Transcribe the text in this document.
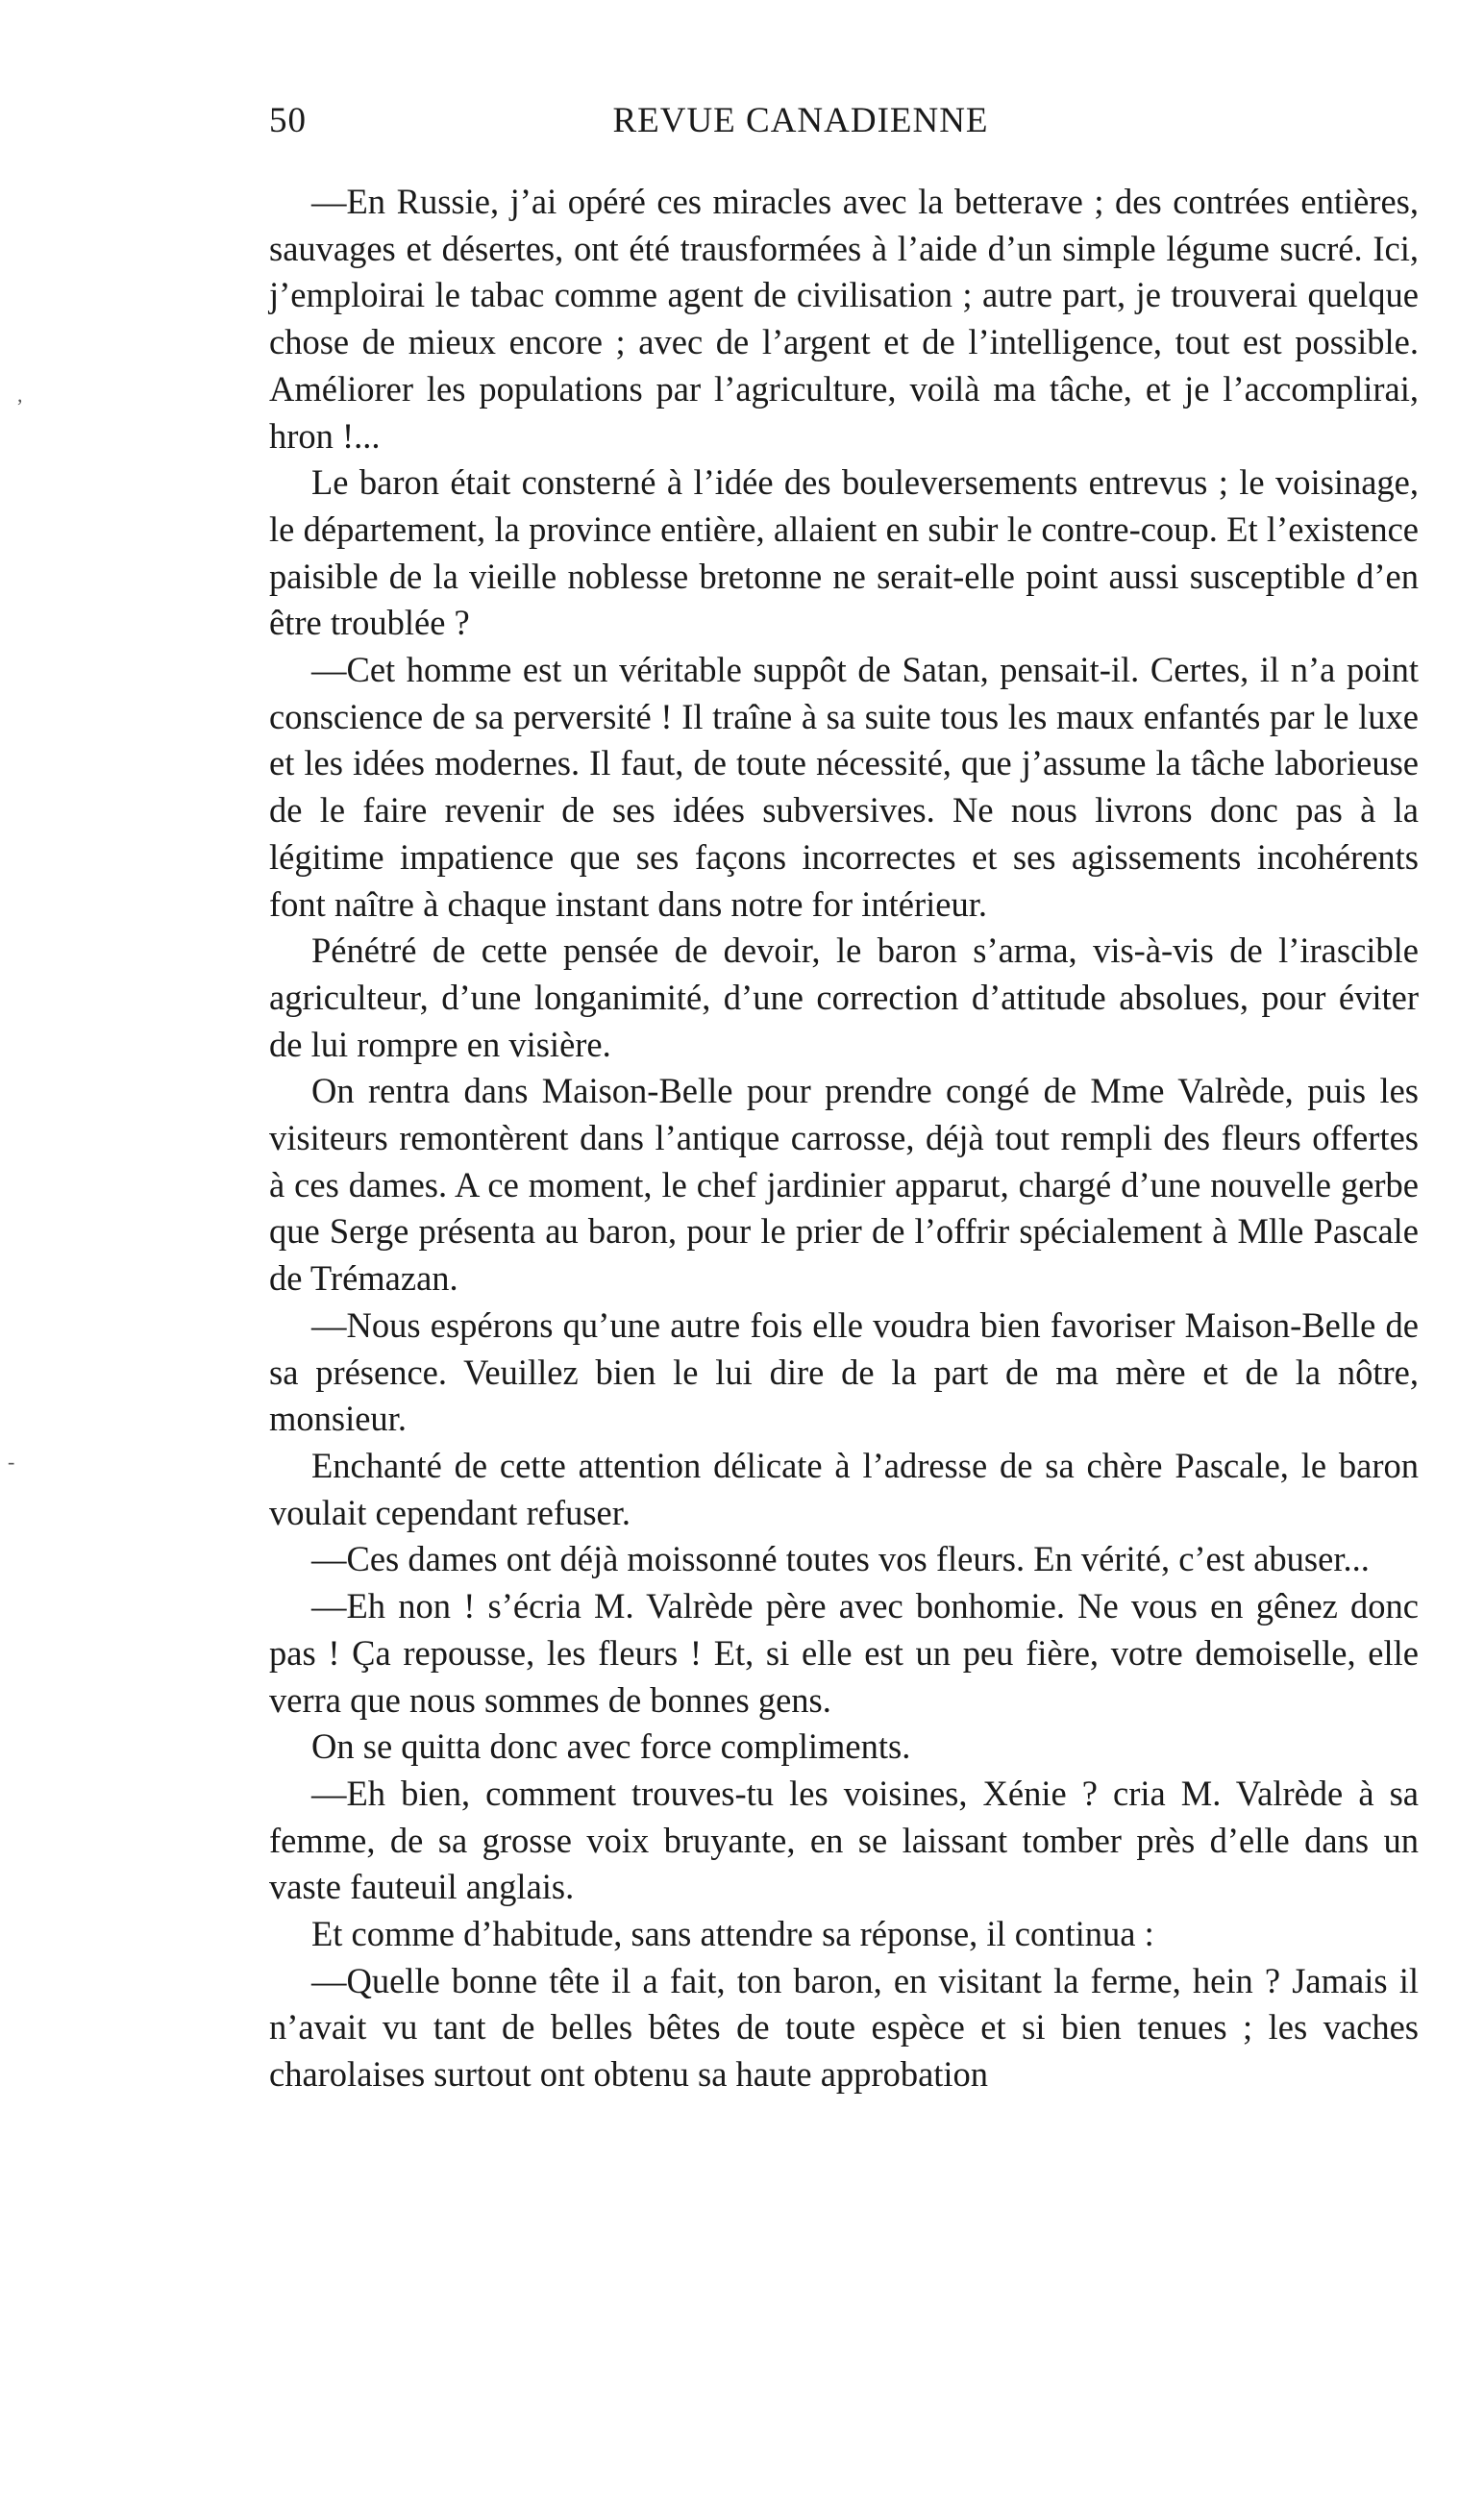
50	REVUE CANADIENNE

—En Russie, j’ai opéré ces miracles avec la betterave ; des contrées entières, sauvages et désertes, ont été trausformées à l’aide d’un simple légume sucré. Ici, j’emploirai le tabac comme agent de civilisation ; autre part, je trouverai quelque chose de mieux encore ; avec de l’argent et de l’intelligence, tout est possible. Améliorer les populations par l’agriculture, voilà ma tâche, et je l’accomplirai, hron !...

Le baron était consterné à l’idée des bouleversements entrevus ; le voisinage, le département, la province entière, allaient en subir le contre-coup. Et l’existence paisible de la vieille noblesse bretonne ne serait-elle point aussi susceptible d’en être troublée ?

—Cet homme est un véritable suppôt de Satan, pensait-il. Certes, il n’a point conscience de sa perversité ! Il traîne à sa suite tous les maux enfantés par le luxe et les idées modernes. Il faut, de toute nécessité, que j’assume la tâche laborieuse de le faire revenir de ses idées subversives. Ne nous livrons donc pas à la légitime impatience que ses façons incorrectes et ses agissements incohérents font naître à chaque instant dans notre for intérieur.

Pénétré de cette pensée de devoir, le baron s’arma, vis-à-vis de l’irascible agriculteur, d’une longanimité, d’une correction d’attitude absolues, pour éviter de lui rompre en visière.

On rentra dans Maison-Belle pour prendre congé de Mme Valrède, puis les visiteurs remontèrent dans l’antique carrosse, déjà tout rempli des fleurs offertes à ces dames. A ce moment, le chef jardinier apparut, chargé d’une nouvelle gerbe que Serge présenta au baron, pour le prier de l’offrir spécialement à Mlle Pascale de Trémazan.

—Nous espérons qu’une autre fois elle voudra bien favoriser Maison-Belle de sa présence. Veuillez bien le lui dire de la part de ma mère et de la nôtre, monsieur.

Enchanté de cette attention délicate à l’adresse de sa chère Pascale, le baron voulait cependant refuser.

—Ces dames ont déjà moissonné toutes vos fleurs. En vérité, c’est abuser...

—Eh non ! s’écria M. Valrède père avec bonhomie. Ne vous en gênez donc pas ! Ça repousse, les fleurs ! Et, si elle est un peu fière, votre demoiselle, elle verra que nous sommes de bonnes gens.

On se quitta donc avec force compliments.

—Eh bien, comment trouves-tu les voisines, Xénie ? cria M. Valrède à sa femme, de sa grosse voix bruyante, en se laissant tomber près d’elle dans un vaste fauteuil anglais.

Et comme d’habitude, sans attendre sa réponse, il continua :

—Quelle bonne tête il a fait, ton baron, en visitant la ferme, hein ? Jamais il n’avait vu tant de belles bêtes de toute espèce et si bien tenues ; les vaches charolaises surtout ont obtenu sa haute approbation

,
-
